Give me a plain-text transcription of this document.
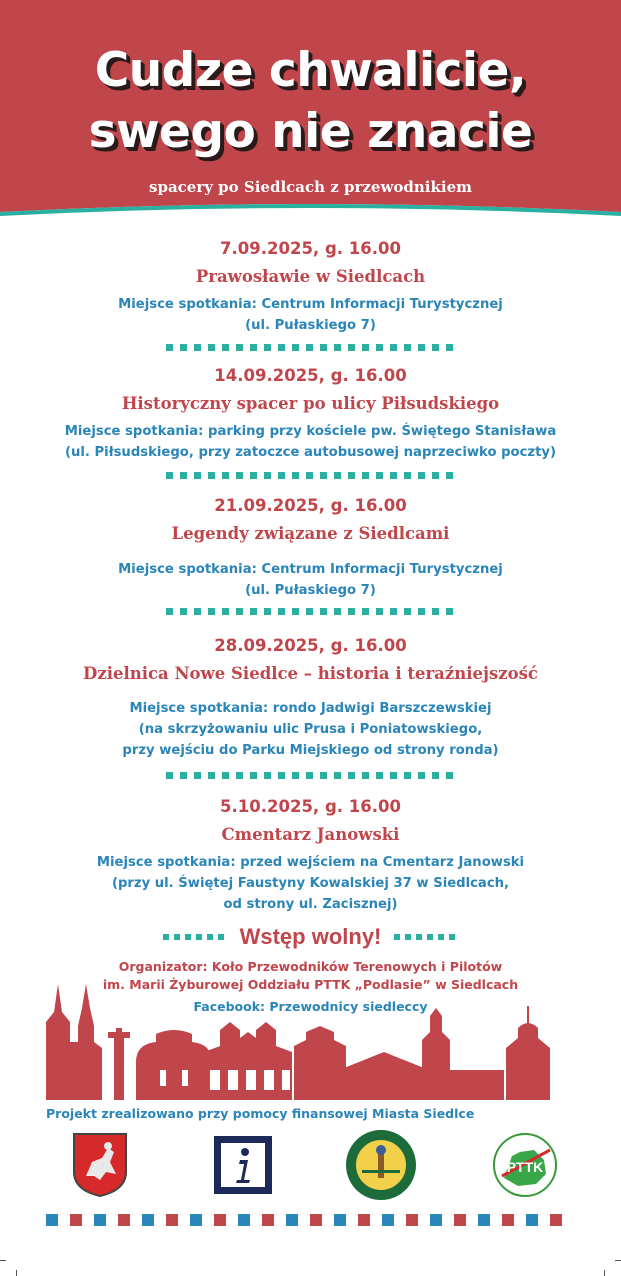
Cudze chwalicie,
swego nie znacie
spacery po Siedlcach z przewodnikiem
7.09.2025, g. 16.00
Prawosławie w Siedlcach
Miejsce spotkania: Centrum Informacji Turystycznej
(ul. Pułaskiego 7)
14.09.2025, g. 16.00
Historyczny spacer po ulicy Piłsudskiego
Miejsce spotkania: parking przy kościele pw. Świętego Stanisława
(ul. Piłsudskiego, przy zatoczce autobusowej naprzeciwko poczty)
21.09.2025, g. 16.00
Legendy związane z Siedlcami
Miejsce spotkania: Centrum Informacji Turystycznej
(ul. Pułaskiego 7)
28.09.2025, g. 16.00
Dzielnica Nowe Siedlce – historia i teraźniejszość
Miejsce spotkania: rondo Jadwigi Barszczewskiej
(na skrzyżowaniu ulic Prusa i Poniatowskiego,
przy wejściu do Parku Miejskiego od strony ronda)
5.10.2025, g. 16.00
Cmentarz Janowski
Miejsce spotkania: przed wejściem na Cmentarz Janowski
(przy ul. Świętej Faustyny Kowalskiej 37 w Siedlcach,
od strony ul. Zacisznej)
Wstęp wolny!
Organizator: Koło Przewodników Terenowych i Pilotów
im. Marii Żyburowej Oddziału PTTK „Podlasie” w Siedlcach
Facebook: Przewodnicy siedleccy
Projekt zrealizowano przy pomocy finansowej Miasta Siedlce
PTTK
